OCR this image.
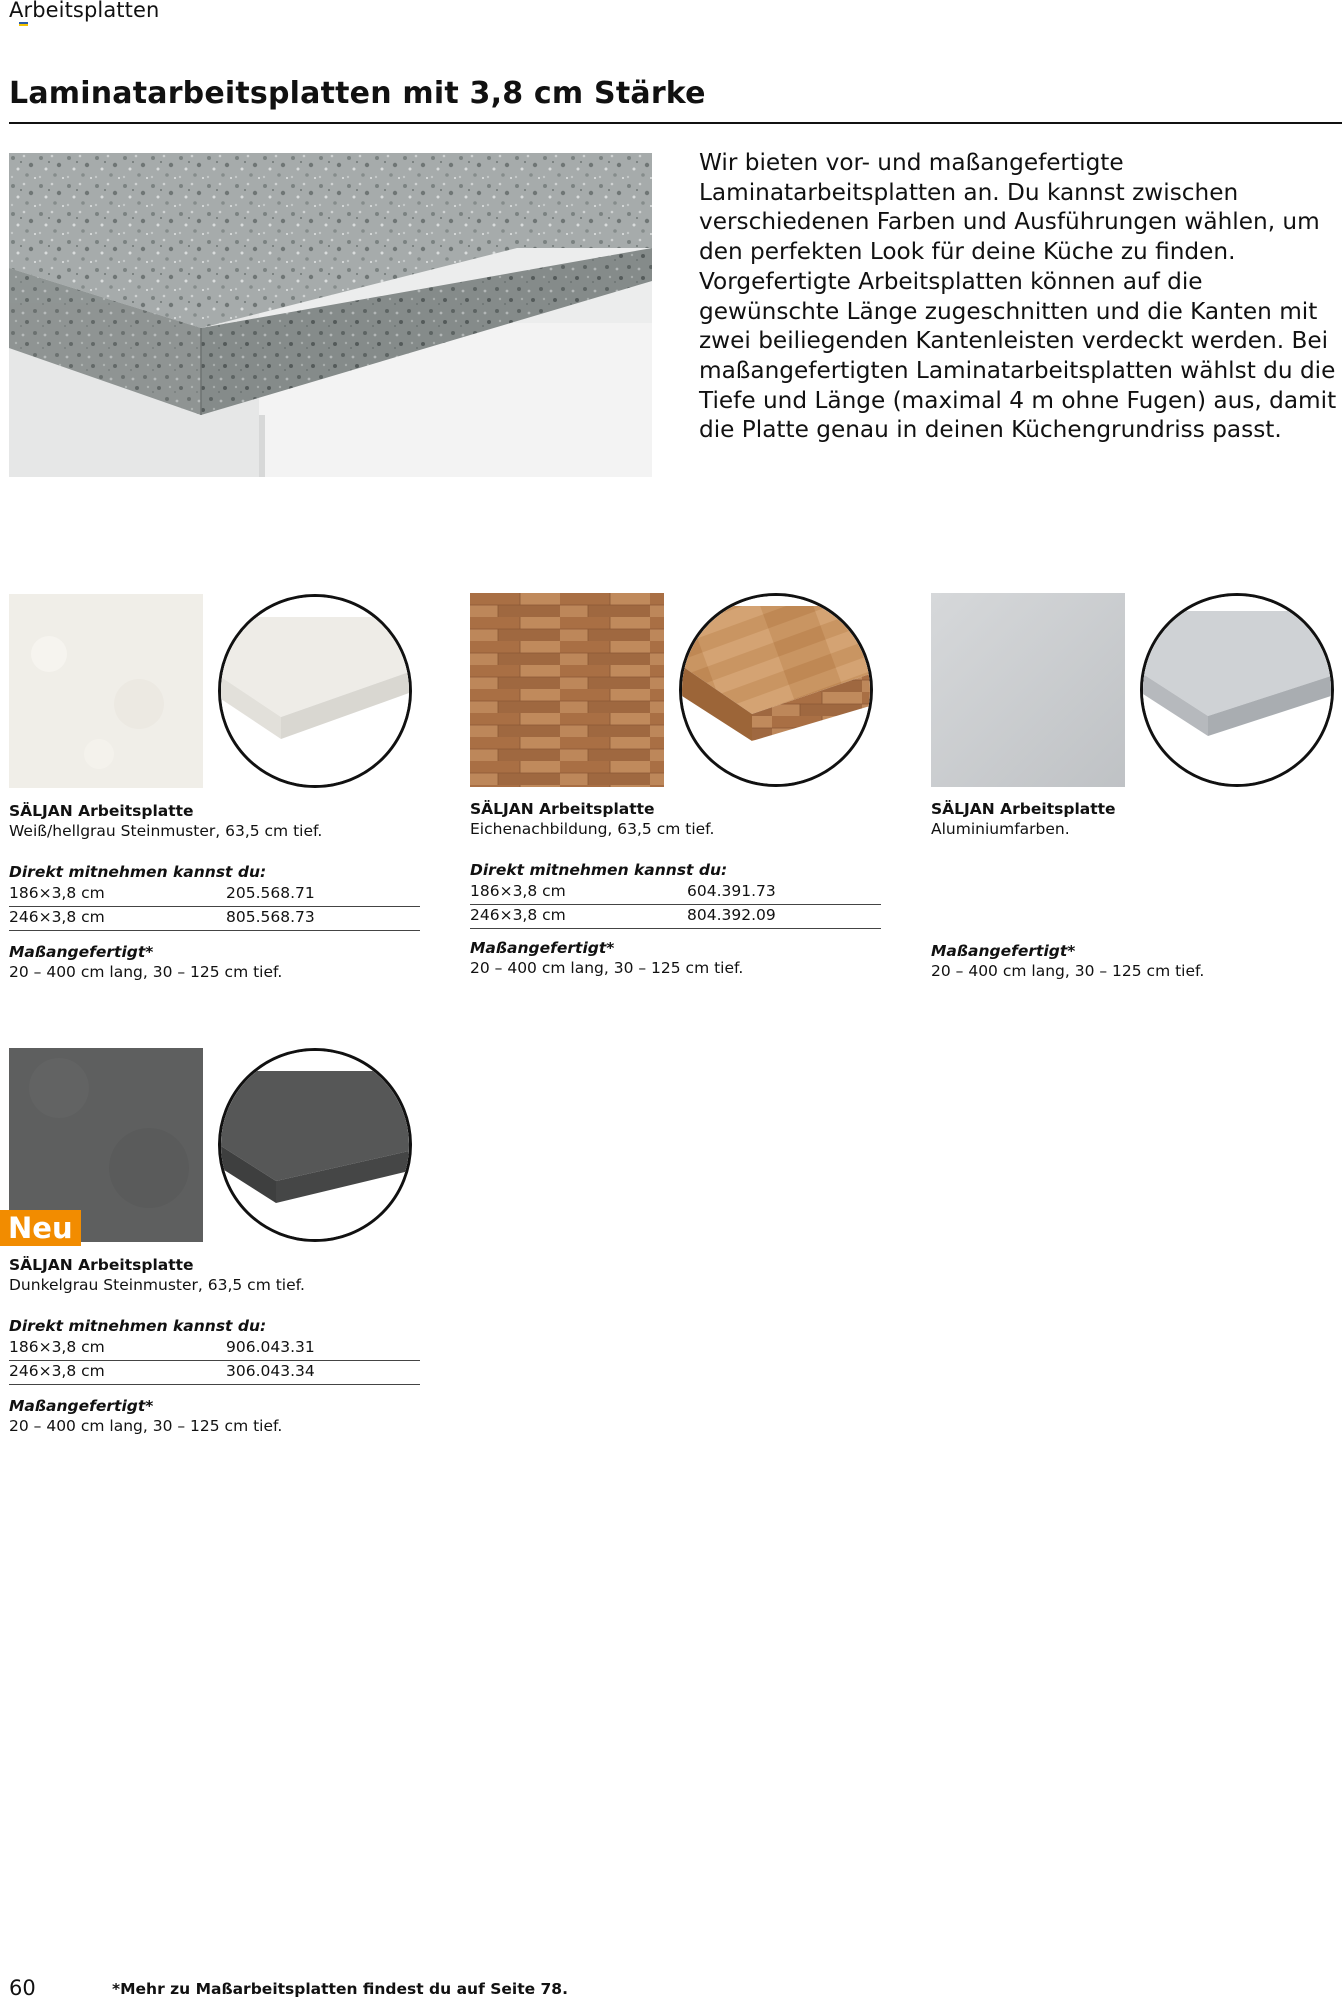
Arbeitsplatten
Laminatarbeitsplatten mit 3,8 cm Stärke

Wir bieten vor- und maßangefertigte Laminatarbeitsplatten an. Du kannst zwischen verschiedenen Farben und Ausführungen wählen, um den perfekten Look für deine Küche zu finden.

Vorgefertigte Arbeitsplatten können auf die gewünschte Länge zugeschnitten und die Kanten mit zwei beiliegenden Kantenleisten verdeckt werden. Bei maßangefertigten Laminatarbeitsplatten wählst du die Tiefe und Länge (maximal 4 m ohne Fugen) aus, damit die Platte genau in deinen Küchengrundriss passt.

SÄLJAN Arbeitsplatte
Weiß/hellgrau Steinmuster, 63,5 cm tief.
Direkt mitnehmen kannst du:
186×3,8 cm	205.568.71
246×3,8 cm	805.568.73
Maßangefertigt*
20 – 400 cm lang, 30 – 125 cm tief.
SÄLJAN Arbeitsplatte
Eichenachbildung, 63,5 cm tief.
Direkt mitnehmen kannst du:
186×3,8 cm	604.391.73
246×3,8 cm	804.392.09
Maßangefertigt*
20 – 400 cm lang, 30 – 125 cm tief.
SÄLJAN Arbeitsplatte
Aluminiumfarben.
Maßangefertigt*
20 – 400 cm lang, 30 – 125 cm tief.
Neu
SÄLJAN Arbeitsplatte
Dunkelgrau Steinmuster, 63,5 cm tief.
Direkt mitnehmen kannst du:
186×3,8 cm	906.043.31
246×3,8 cm	306.043.34
Maßangefertigt*
20 – 400 cm lang, 30 – 125 cm tief.
60	*Mehr zu Maßarbeitsplatten findest du auf Seite 78.
